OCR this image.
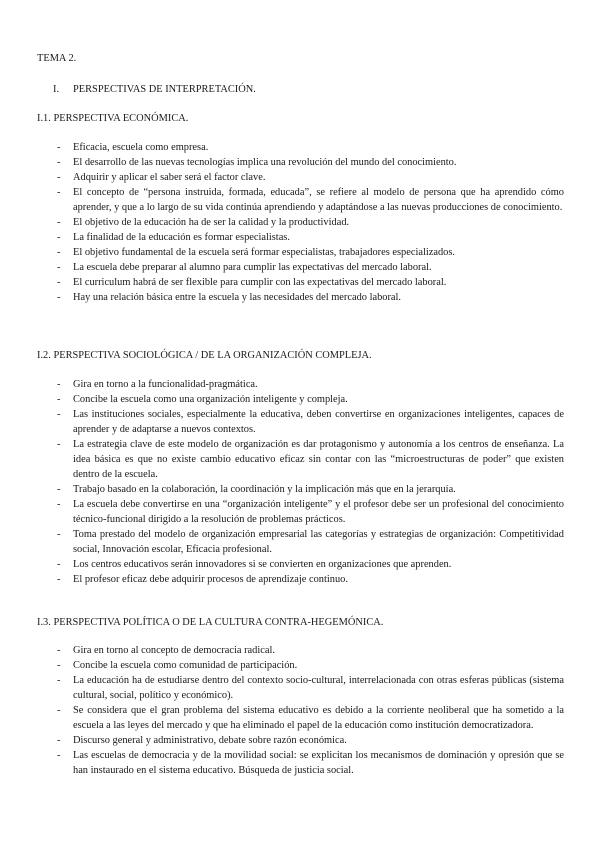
TEMA 2.
I. PERSPECTIVAS DE INTERPRETACIÓN.
I.1. PERSPECTIVA ECONÓMICA.
- Eficacia, escuela como empresa.
- El desarrollo de las nuevas tecnologías implica una revolución del mundo del conocimiento.
- Adquirir y aplicar el saber será el factor clave.
- El concepto de “persona instruida, formada, educada”, se refiere al modelo de persona que ha aprendido cómo aprender, y que a lo largo de su vida continúa aprendiendo y adaptándose a las nuevas producciones de conocimiento.
- El objetivo de la educación ha de ser la calidad y la productividad.
- La finalidad de la educación es formar especialistas.
- El objetivo fundamental de la escuela será formar especialistas, trabajadores especializados.
- La escuela debe preparar al alumno para cumplir las expectativas del mercado laboral.
- El curriculum habrá de ser flexible para cumplir con las expectativas del mercado laboral.
- Hay una relación básica entre la escuela y las necesidades del mercado laboral.
I.2. PERSPECTIVA SOCIOLÓGICA / DE LA ORGANIZACIÓN COMPLEJA.
- Gira en torno a la funcionalidad-pragmática.
- Concibe la escuela como una organización inteligente y compleja.
- Las instituciones sociales, especialmente la educativa, deben convertirse en organizaciones inteligentes, capaces de aprender y de adaptarse a nuevos contextos.
- La estrategia clave de este modelo de organización es dar protagonismo y autonomía a los centros de enseñanza. La idea básica es que no existe cambio educativo eficaz sin contar con las “microestructuras de poder” que existen dentro de la escuela.
- Trabajo basado en la colaboración, la coordinación y la implicación más que en la jerarquía.
- La escuela debe convertirse en una “organización inteligente” y el profesor debe ser un profesional del conocimiento técnico-funcional dirigido a la resolución de problemas prácticos.
- Toma prestado del modelo de organización empresarial las categorías y estrategias de organización: Competitividad social, Innovación escolar, Eficacia profesional.
- Los centros educativos serán innovadores si se convierten en organizaciones que aprenden.
- El profesor eficaz debe adquirir procesos de aprendizaje continuo.
I.3. PERSPECTIVA POLÍTICA O DE LA CULTURA CONTRA-HEGEMÓNICA.
- Gira en torno al concepto de democracia radical.
- Concibe la escuela como comunidad de participación.
- La educación ha de estudiarse dentro del contexto socio-cultural, interrelacionada con otras esferas públicas (sistema cultural, social, político y económico).
- Se considera que el gran problema del sistema educativo es debido a la corriente neoliberal que ha sometido a la escuela a las leyes del mercado y que ha eliminado el papel de la educación como institución democratizadora.
- Discurso general y administrativo, debate sobre razón económica.
- Las escuelas de democracia y de la movilidad social: se explicitan los mecanismos de dominación y opresión que se han instaurado en el sistema educativo. Búsqueda de justicia social.
